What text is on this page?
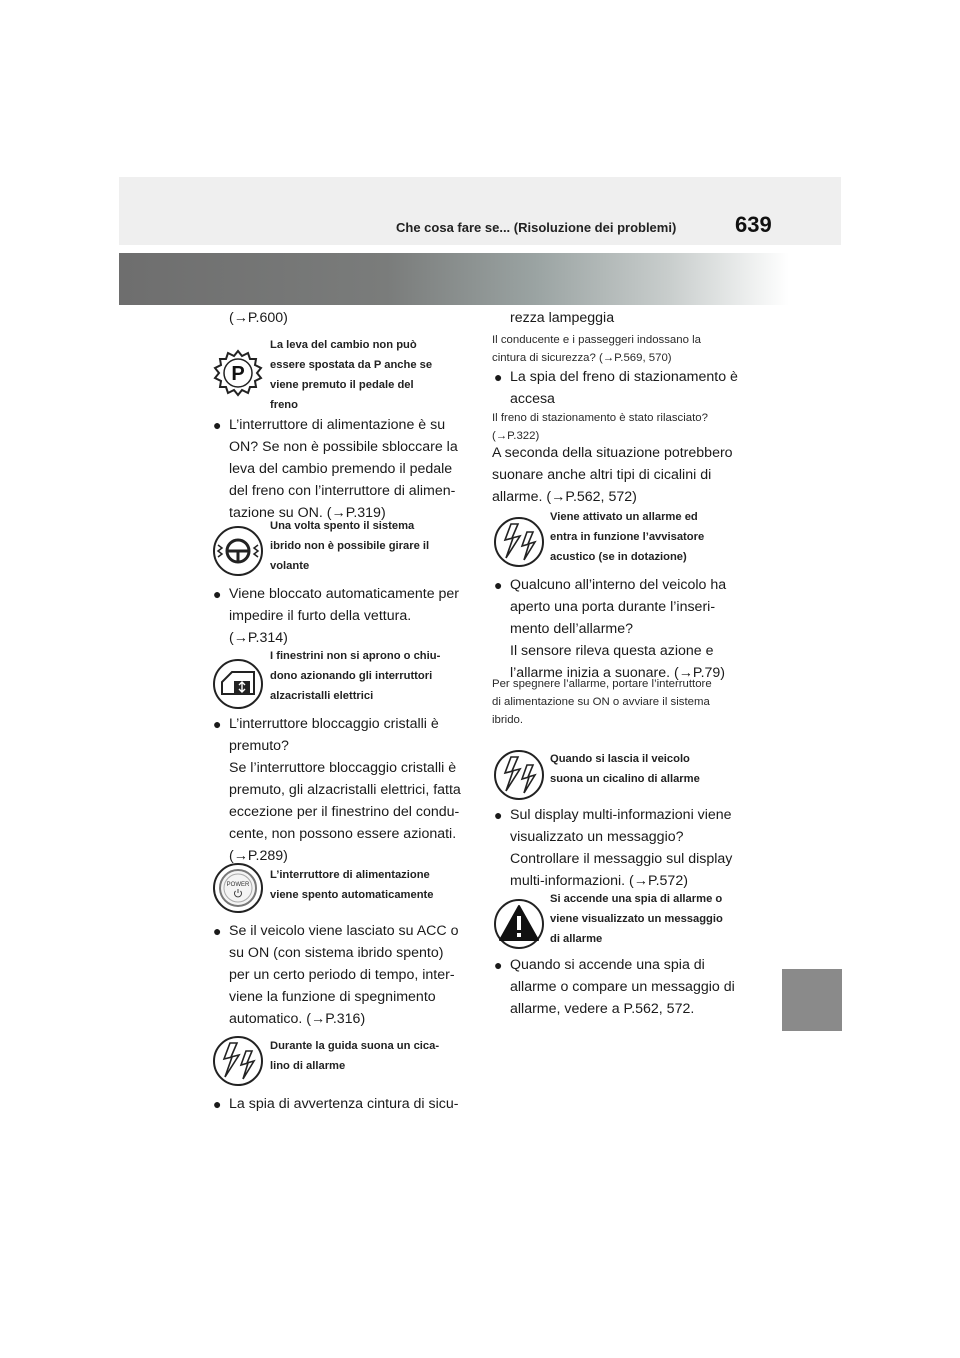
Che cosa fare se... (Risoluzione dei problemi)	639
(→P.600)
P
La leva del cambio non può
essere spostata da P anche se
viene premuto il pedale del
freno
● L’interruttore di alimentazione è su
ON? Se non è possibile sbloccare la
leva del cambio premendo il pedale
del freno con l’interruttore di alimen-
tazione su ON. (→P.319)
Una volta spento il sistema
ibrido non è possibile girare il
volante
● Viene bloccato automaticamente per
impedire il furto della vettura.
(→P.314)
I finestrini non si aprono o chiu-
dono azionando gli interruttori
alzacristalli elettrici
● L’interruttore bloccaggio cristalli è
premuto?
Se l’interruttore bloccaggio cristalli è
premuto, gli alzacristalli elettrici, fatta
eccezione per il finestrino del condu-
cente, non possono essere azionati.
(→P.289)
POWER
L’interruttore di alimentazione
viene spento automaticamente
● Se il veicolo viene lasciato su ACC o
su ON (con sistema ibrido spento)
per un certo periodo di tempo, inter-
viene la funzione di spegnimento
automatico. (→P.316)
Durante la guida suona un cica-
lino di allarme
● La spia di avvertenza cintura di sicu-
rezza lampeggia
Il conducente e i passeggeri indossano la
cintura di sicurezza? (→P.569, 570)
● La spia del freno di stazionamento è
accesa
Il freno di stazionamento è stato rilasciato?
(→P.322)
A seconda della situazione potrebbero
suonare anche altri tipi di cicalini di
allarme. (→P.562, 572)
Viene attivato un allarme ed
entra in funzione l’avvisatore
acustico (se in dotazione)
● Qualcuno all’interno del veicolo ha
aperto una porta durante l’inseri-
mento dell’allarme?
Il sensore rileva questa azione e
l’allarme inizia a suonare. (→P.79)
Per spegnere l’allarme, portare l’interruttore
di alimentazione su ON o avviare il sistema
ibrido.
Quando si lascia il veicolo
suona un cicalino di allarme
● Sul display multi-informazioni viene
visualizzato un messaggio?
Controllare il messaggio sul display
multi-informazioni. (→P.572)
Si accende una spia di allarme o
viene visualizzato un messaggio
di allarme
● Quando si accende una spia di
allarme o compare un messaggio di
allarme, vedere a P.562, 572.
